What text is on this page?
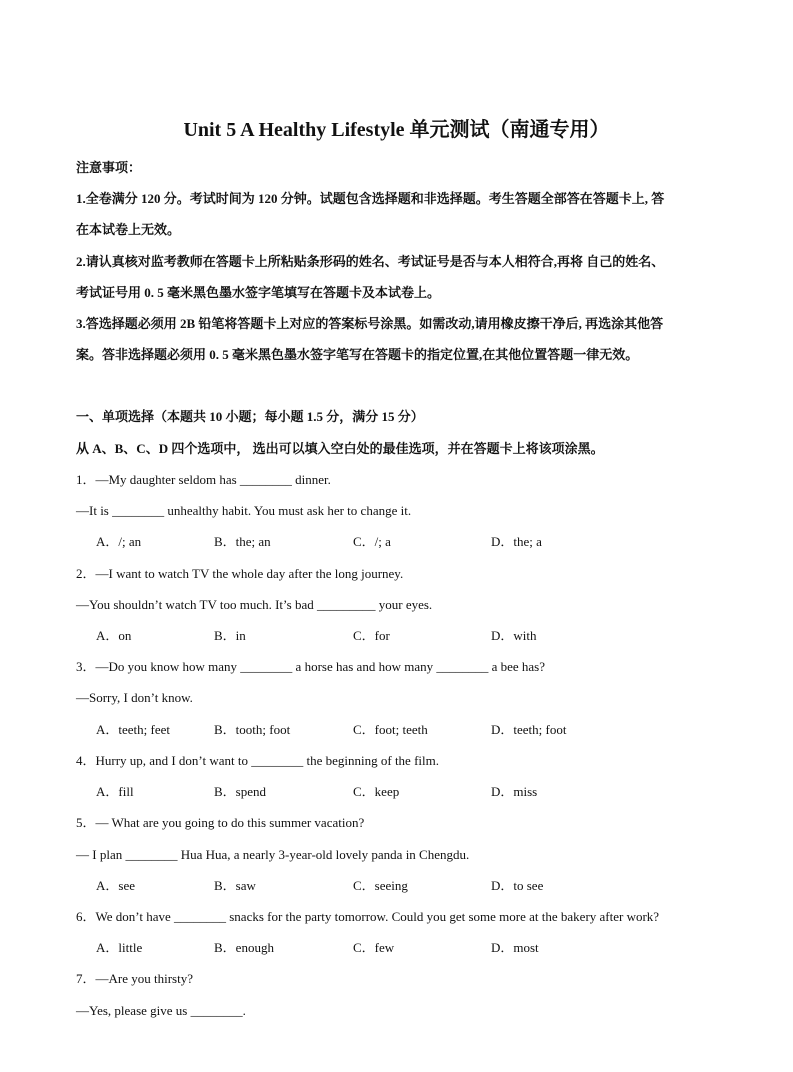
Unit 5 A Healthy Lifestyle 单元测试（南通专用）
注意事项：
1.全卷满分 120 分。考试时间为 120 分钟。试题包含选择题和非选择题。考生答题全部答在答题卡上, 答
在本试卷上无效。
2.请认真核对监考教师在答题卡上所粘贴条形码的姓名、考试证号是否与本人相符合,再将 自己的姓名、
考试证号用 0. 5 毫米黑色墨水签字笔填写在答题卡及本试卷上。
3.答选择题必须用 2B 铅笔将答题卡上对应的答案标号涂黑。如需改动,请用橡皮擦干净后, 再选涂其他答
案。答非选择题必须用 0. 5 毫米黑色墨水签字笔写在答题卡的指定位置,在其他位置答题一律无效。
一、单项选择（本题共 10 小题；每小题 1.5 分，满分 15 分）
从 A、B、C、D 四个选项中， 选出可以填入空白处的最佳选项，并在答题卡上将该项涂黑。
1．—My daughter seldom has ________ dinner.
—It is ________ unhealthy habit. You must ask her to change it.
A．/; an	B．the; an	C．/; a	D．the; a
2．—I want to watch TV the whole day after the long journey.
—You shouldn’t watch TV too much. It’s bad _________ your eyes.
A．on	B．in	C．for	D．with
3．—Do you know how many ________ a horse has and how many ________ a bee has?
—Sorry, I don’t know.
A．teeth; feet	B．tooth; foot	C．foot; teeth	D．teeth; foot
4．Hurry up, and I don’t want to ________ the beginning of the film.
A．fill	B．spend	C．keep	D．miss
5．— What are you going to do this summer vacation?
— I plan ________ Hua Hua, a nearly 3-year-old lovely panda in Chengdu.
A．see	B．saw	C．seeing	D．to see
6．We don’t have ________ snacks for the party tomorrow. Could you get some more at the bakery after work?
A．little	B．enough	C．few	D．most
7．—Are you thirsty?
—Yes, please give us ________.
